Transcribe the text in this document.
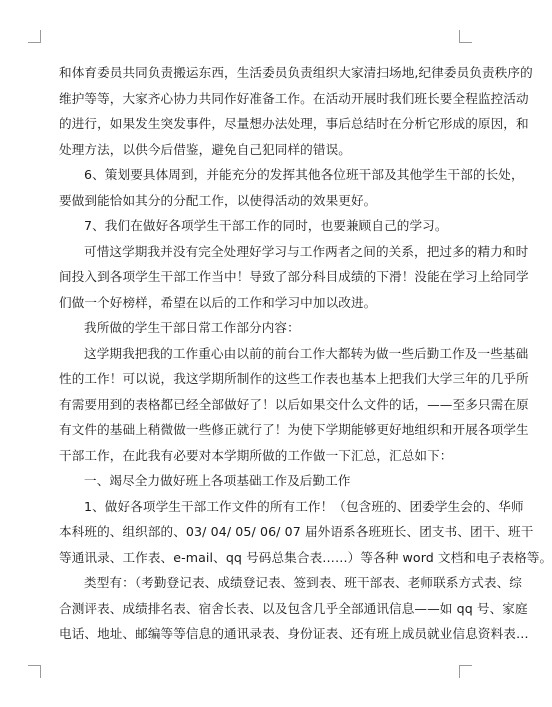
和体育委员共同负责搬运东西，生活委员负责组织大家清扫场地,纪律委员负责秩序的
维护等等，大家齐心协力共同作好准备工作。在活动开展时我们班长要全程监控活动
的进行，如果发生突发事件，尽量想办法处理，事后总结时在分析它形成的原因，和
处理方法，以供今后借鉴，避免自己犯同样的错误。

6、策划要具体周到，并能充分的发挥其他各位班干部及其他学生干部的长处，
要做到能恰如其分的分配工作，以使得活动的效果更好。

7、我们在做好各项学生干部工作的同时，也要兼顾自己的学习。

可惜这学期我并没有完全处理好学习与工作两者之间的关系，把过多的精力和时
间投入到各项学生干部工作当中！导致了部分科目成绩的下滑！没能在学习上给同学
们做一个好榜样，希望在以后的工作和学习中加以改进。

我所做的学生干部日常工作部分内容：

这学期我把我的工作重心由以前的前台工作大都转为做一些后勤工作及一些基础
性的工作！可以说，我这学期所制作的这些工作表也基本上把我们大学三年的几乎所
有需要用到的表格都已经全部做好了！以后如果交什么文件的话，——至多只需在原
有文件的基础上稍微做一些修正就行了！为使下学期能够更好地组织和开展各项学生
干部工作，在此我有必要对本学期所做的工作做一下汇总，汇总如下：

一、竭尽全力做好班上各项基础工作及后勤工作

1、做好各项学生干部工作文件的所有工作！（包含班的、团委学生会的、华师
本科班的、组织部的、03/ 04/ 05/ 06/ 07 届外语系各班班长、团支书、团干、班干
等通讯录、工作表、e-mail、qq 号码总集合表……）等各种 word 文档和电子表格等。

类型有：（考勤登记表、成绩登记表、签到表、班干部表、老师联系方式表、综
合测评表、成绩排名表、宿舍长表、以及包含几乎全部通讯信息——如 qq 号、家庭
电话、地址、邮编等等信息的通讯录表、身份证表、还有班上成员就业信息资料表…
